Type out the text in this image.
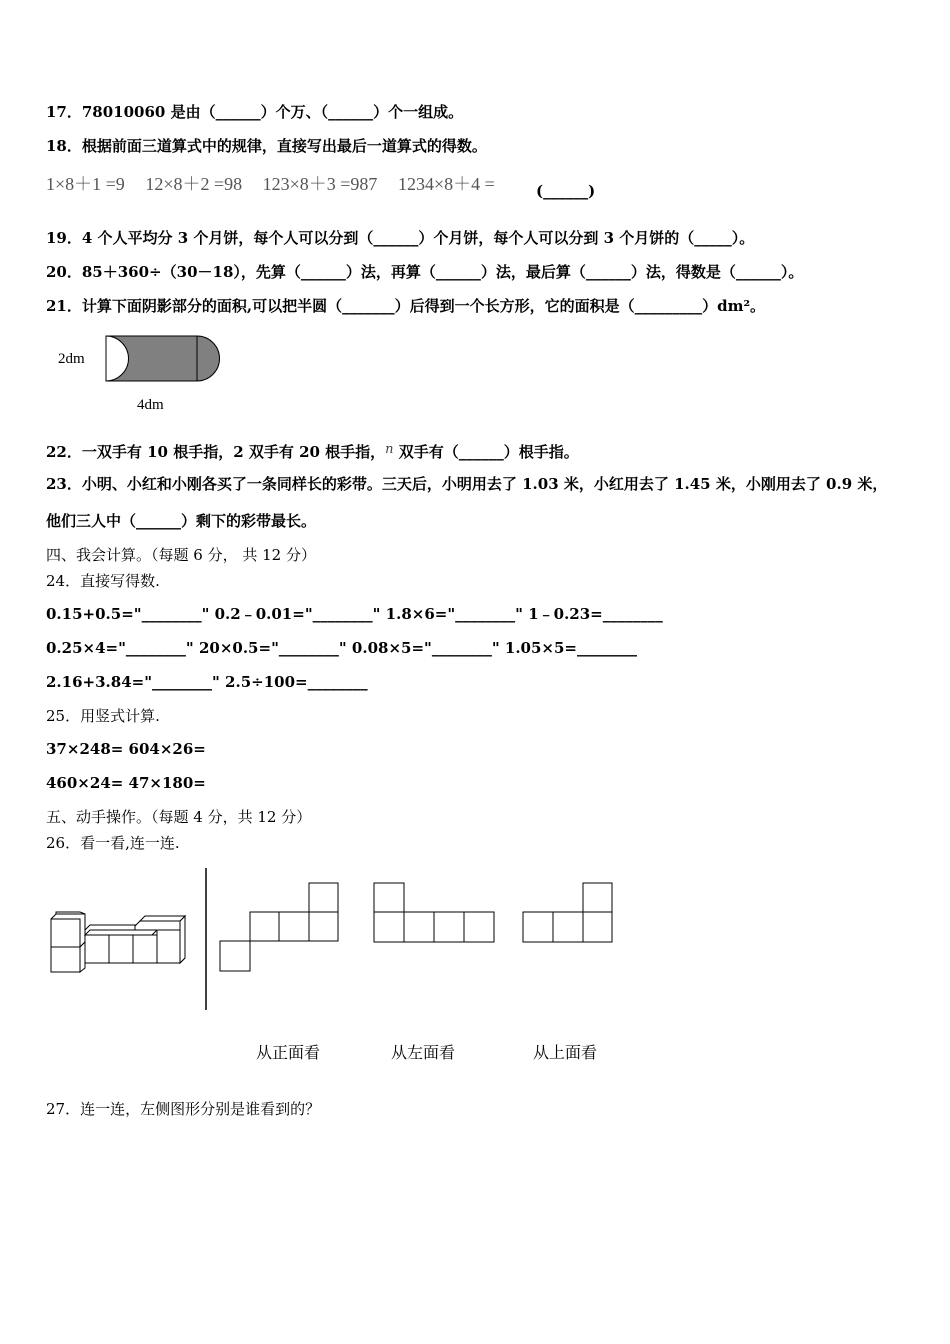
17．78010060 是由（______）个万、（______）个一组成。
18．根据前面三道算式中的规律，直接写出最后一道算式的得数。
1×8＋1 =9 12×8＋2 =98 123×8＋3 =987 1234×8＋4 =	(______)
19．4 个人平均分 3 个月饼，每个人可以分到（______）个月饼，每个人可以分到 3 个月饼的（_____）。
20．85＋360÷（30－18），先算（______）法，再算（______）法，最后算（______）法，得数是（______）。
21．计算下面阴影部分的面积,可以把半圆（_______）后得到一个长方形，它的面积是（_________）dm²。
2dm
4dm
22．一双手有 10 根手指，2 双手有 20 根手指，n 双手有（______）根手指。
23．小明、小红和小刚各买了一条同样长的彩带。三天后，小明用去了 1.03 米，小红用去了 1.45 米，小刚用去了 0.9 米，
他们三人中（______）剩下的彩带最长。
四、我会计算。（每题 6 分， 共 12 分）
24．直接写得数.
0.15+0.5="________" 0.2﹣0.01="________" 1.8×6="________" 1﹣0.23=________
0.25×4="________" 20×0.5="________" 0.08×5="________" 1.05×5=________
2.16+3.84="________" 2.5÷100=________
25．用竖式计算.
37×248= 604×26=
460×24= 47×180=
五、动手操作。（每题 4 分，共 12 分）
26．看一看,连一连.
从正面看	从左面看	从上面看
27．连一连，左侧图形分别是谁看到的？
